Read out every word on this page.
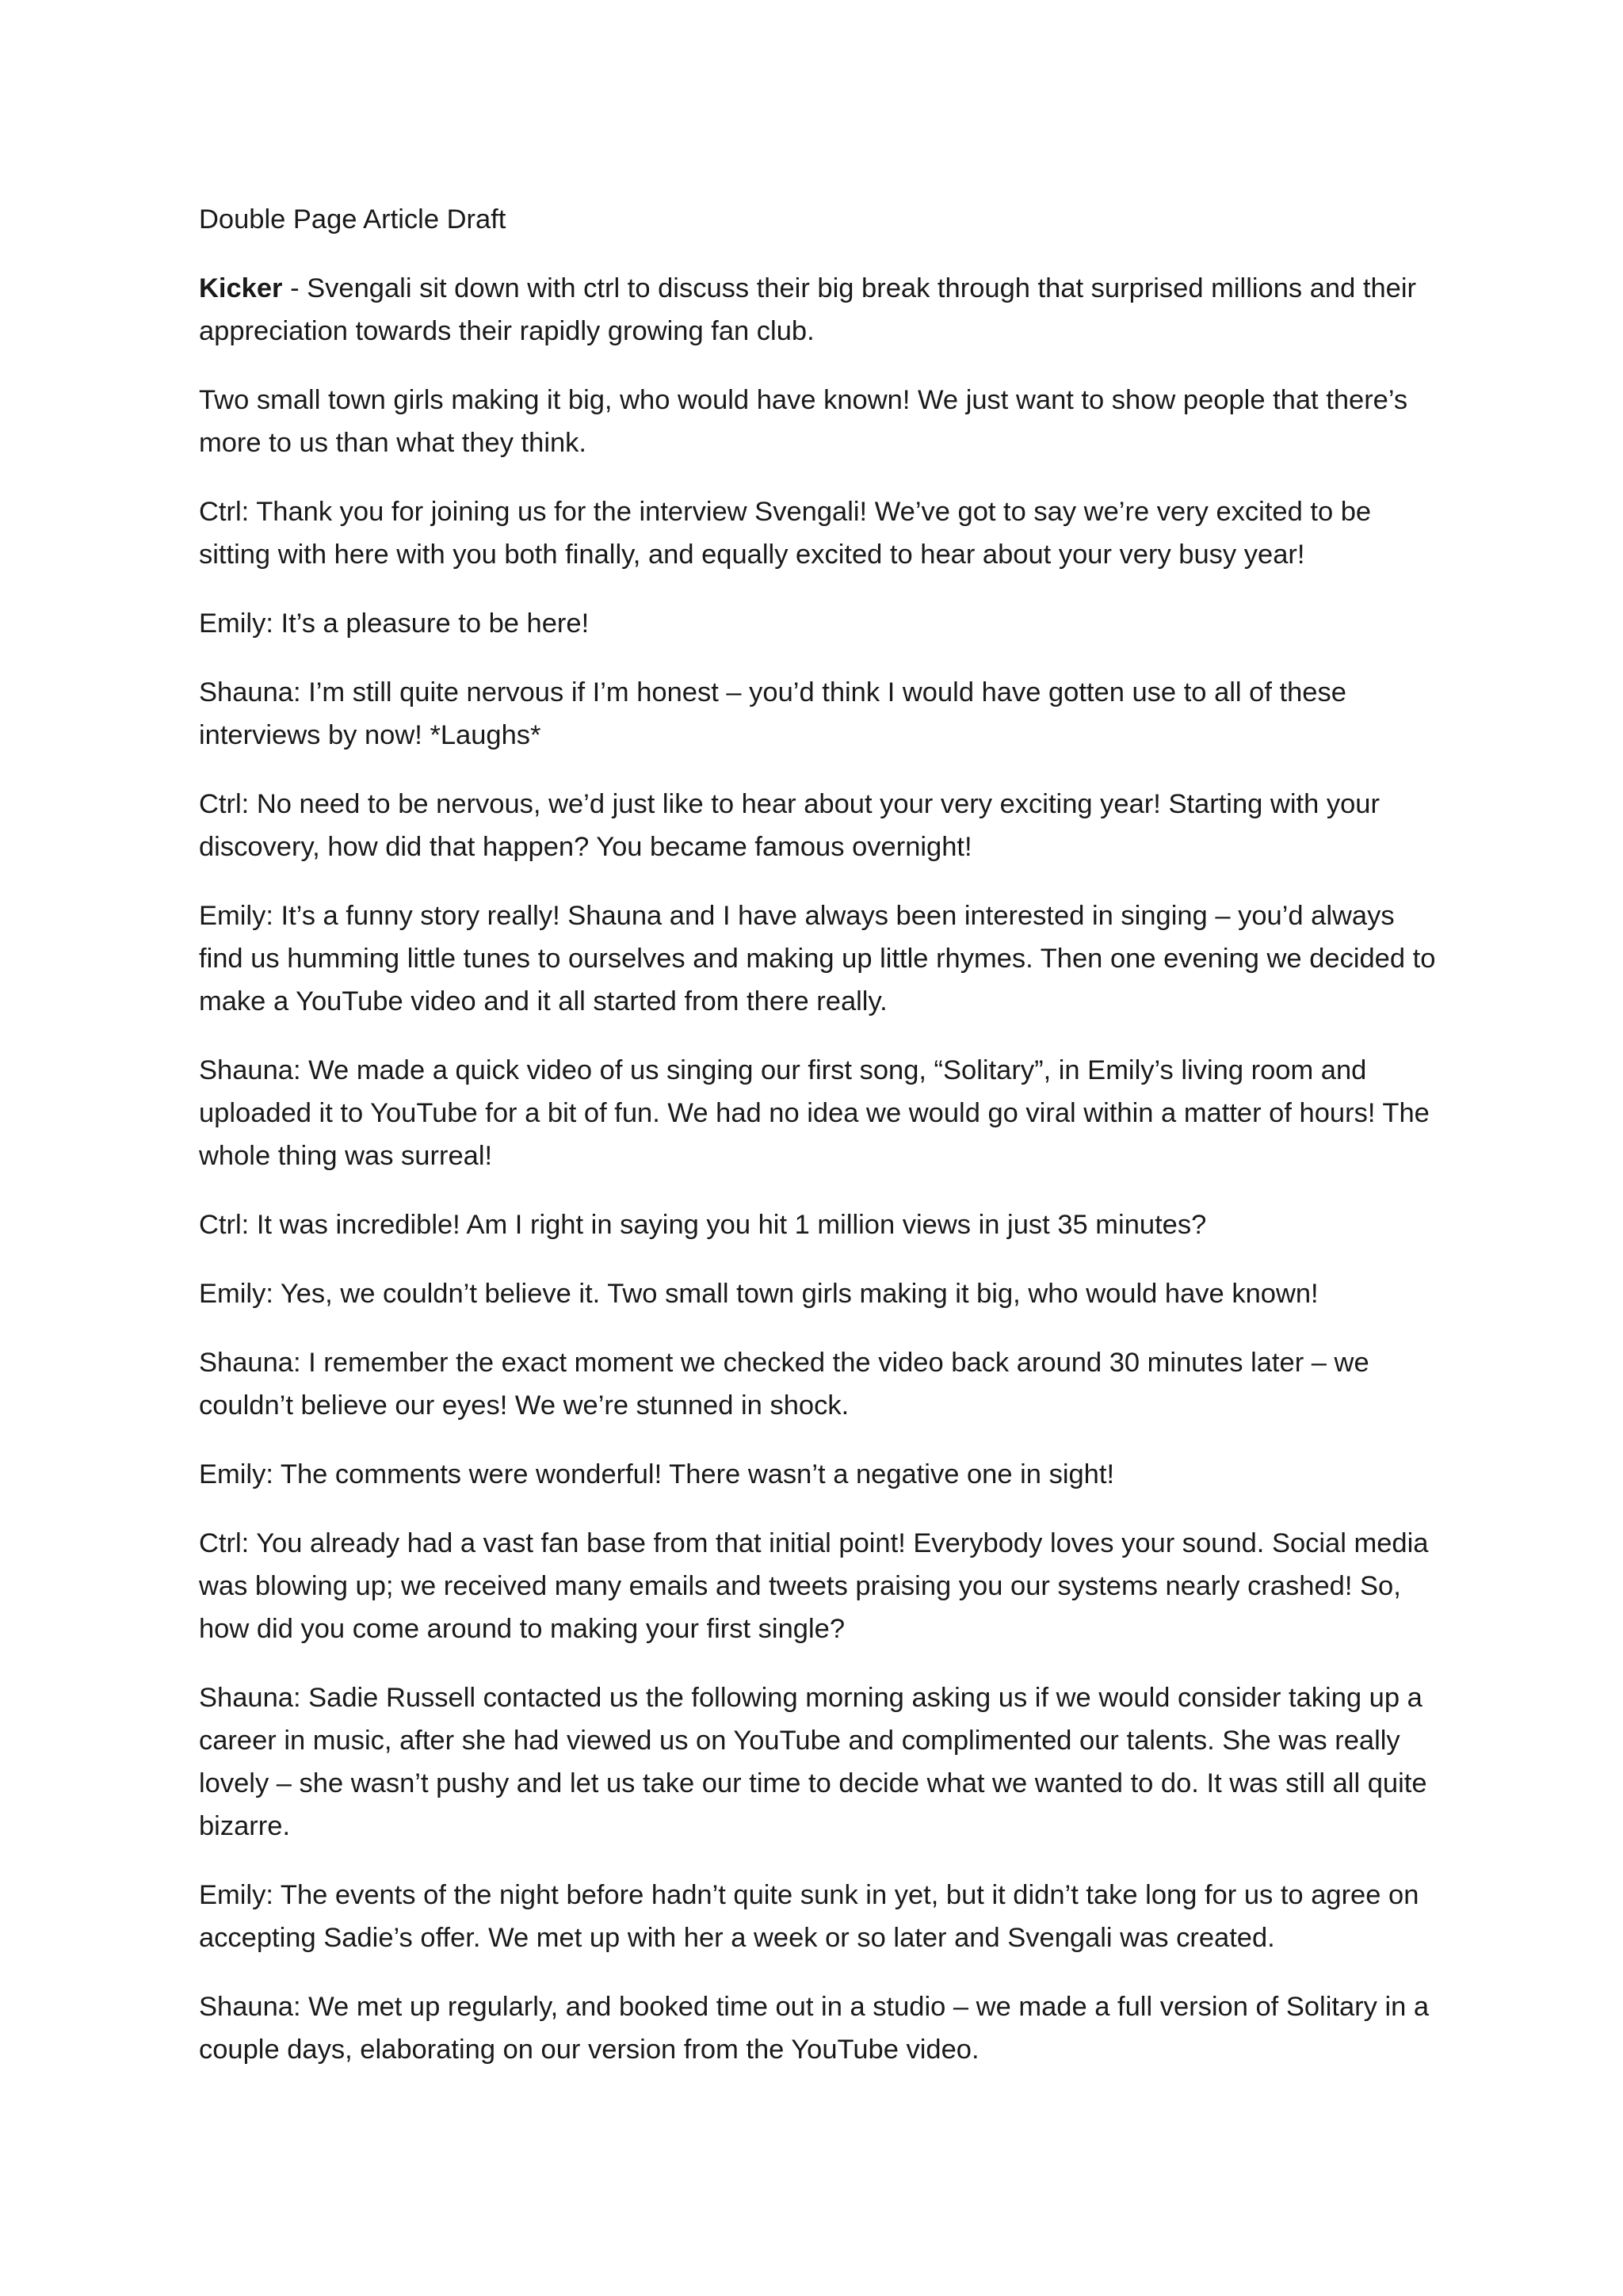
Double Page Article Draft

Kicker - Svengali sit down with ctrl to discuss their big break through that surprised millions and their appreciation towards their rapidly growing fan club.

Two small town girls making it big, who would have known! We just want to show people that there’s more to us than what they think.

Ctrl: Thank you for joining us for the interview Svengali! We’ve got to say we’re very excited to be sitting with here with you both finally, and equally excited to hear about your very busy year!

Emily: It’s a pleasure to be here!

Shauna: I’m still quite nervous if I’m honest – you’d think I would have gotten use to all of these interviews by now! *Laughs*

Ctrl: No need to be nervous, we’d just like to hear about your very exciting year! Starting with your discovery, how did that happen? You became famous overnight!

Emily: It’s a funny story really! Shauna and I have always been interested in singing – you’d always find us humming little tunes to ourselves and making up little rhymes. Then one evening we decided to make a YouTube video and it all started from there really.

Shauna: We made a quick video of us singing our first song, “Solitary”, in Emily’s living room and uploaded it to YouTube for a bit of fun. We had no idea we would go viral within a matter of hours! The whole thing was surreal!

Ctrl: It was incredible! Am I right in saying you hit 1 million views in just 35 minutes?

Emily: Yes, we couldn’t believe it. Two small town girls making it big, who would have known!

Shauna: I remember the exact moment we checked the video back around 30 minutes later – we couldn’t believe our eyes! We we’re stunned in shock.

Emily: The comments were wonderful! There wasn’t a negative one in sight!

Ctrl: You already had a vast fan base from that initial point! Everybody loves your sound. Social media was blowing up; we received many emails and tweets praising you our systems nearly crashed! So, how did you come around to making your first single?

Shauna: Sadie Russell contacted us the following morning asking us if we would consider taking up a career in music, after she had viewed us on YouTube and complimented our talents. She was really lovely – she wasn’t pushy and let us take our time to decide what we wanted to do. It was still all quite bizarre.

Emily: The events of the night before hadn’t quite sunk in yet, but it didn’t take long for us to agree on accepting Sadie’s offer. We met up with her a week or so later and Svengali was created.

Shauna: We met up regularly, and booked time out in a studio – we made a full version of Solitary in a couple days, elaborating on our version from the YouTube video.
